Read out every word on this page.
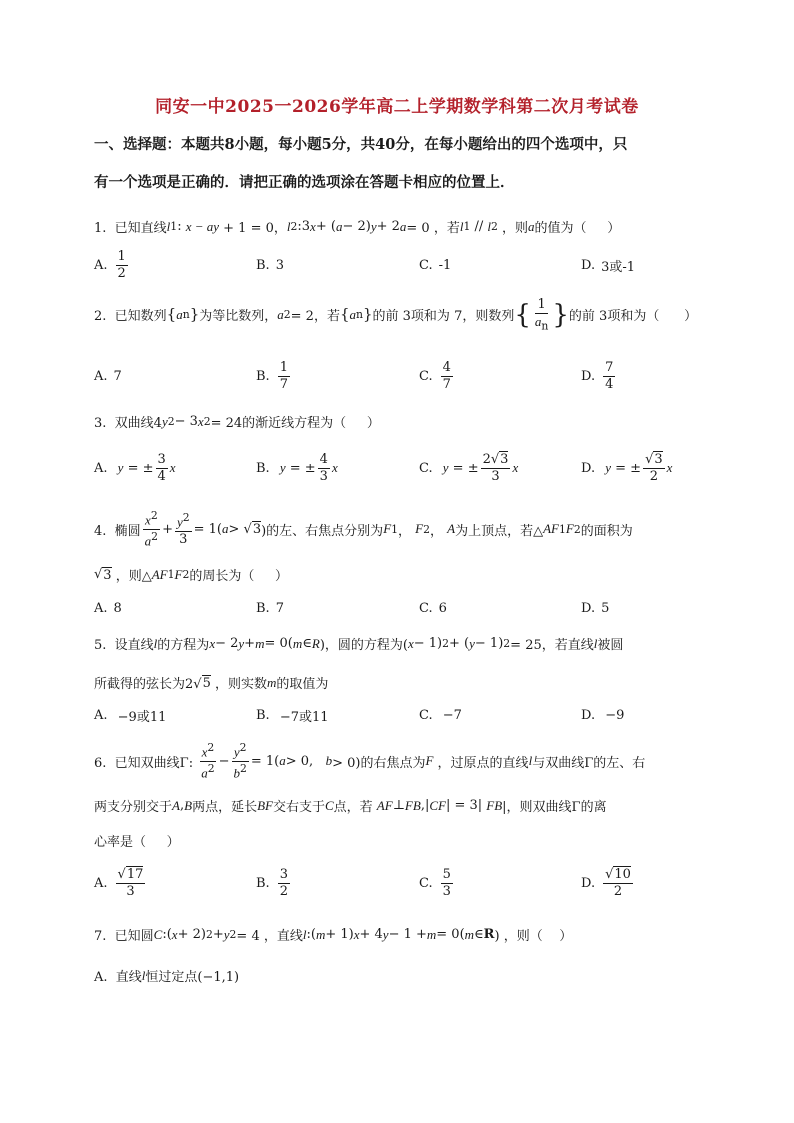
同安一中2025一2026学年高二上学期数学科第二次月考试卷
一、选择题：本题共8小题，每小题5分，共40分，在每小题给出的四个选项中，只
有一个选项是正确的．请把正确的选项涂在答题卡相应的位置上．
1.  已知直线 l 1 : x − ay + 1 = 0， l 2 :3 x + ( a − 2) y + 2 a = 0 ，若 l 1 // l 2 ，则 a 的值为（     ）
A. $\frac{1}{2}$	B. 3	C. -1	D. 3或-1
2.  已知数列 { a n } 为等比数列， a 2 = 2，若 { a n } 的前 3项和为 7，则数列 { $\frac{1}{a_n}$ } 的前 3项和为（      ）
A. 7	B. $\frac{1}{7}$	C. $\frac{4}{7}$	D. $\frac{7}{4}$
3.  双曲线4 y 2 − 3 x 2 = 24的渐近线方程为（     ）
A.
y = ± $\frac{3}{4}$ x	B.
y = ± $\frac{4}{3}$ x	C.
y = ± $\frac{2√3}{3}$ x	D.
y = ± $\frac{√3}{2}$ x
4.  椭圆 $\frac{x^2}{a^2} + \frac{y^2}{3} = 1$( a > √ 3 )的左、右焦点分别为 F 1 ， F 2 ， A 为上顶点，若△ AF 1 F 2 的面积为
√ 3 ，则△ AF 1 F 2 的周长为（     ）
A. 8	B. 7	C. 6	D. 5
5.  设直线 l 的方程为 x − 2 y + m = 0( m ∈ R )，圆的方程为( x − 1) 2 + ( y − 1) 2 = 25，若直线 l 被圆
所截得的弦长为2√ 5 ，则实数 m 的取值为
A. −9或11	B. −7或11	C. −7	D. −9
6.  已知双曲线Γ: $\frac{x^2}{a^2} - \frac{y^2}{b^2} = 1$( a > 0, b > 0)的右焦点为 F ，过原点的直线 l 与双曲线Γ的左、右
两支分别交于 A , B 两点，延长 BF 交右支于 C 点，若 AF ⊥ FB ,| CF | = 3| FB |，则双曲线Γ的离
心率是（     ）
A. $\frac{√17}{3}$	B. $\frac{3}{2}$	C. $\frac{5}{3}$	D. $\frac{√10}{2}$
7.  已知圆 C :( x + 2) 2 + y 2 = 4 ，直线 l :( m + 1) x + 4 y − 1 + m = 0( m ∈ R ) ，则（    ）
A.  直线 l 恒过定点(−1,1)
